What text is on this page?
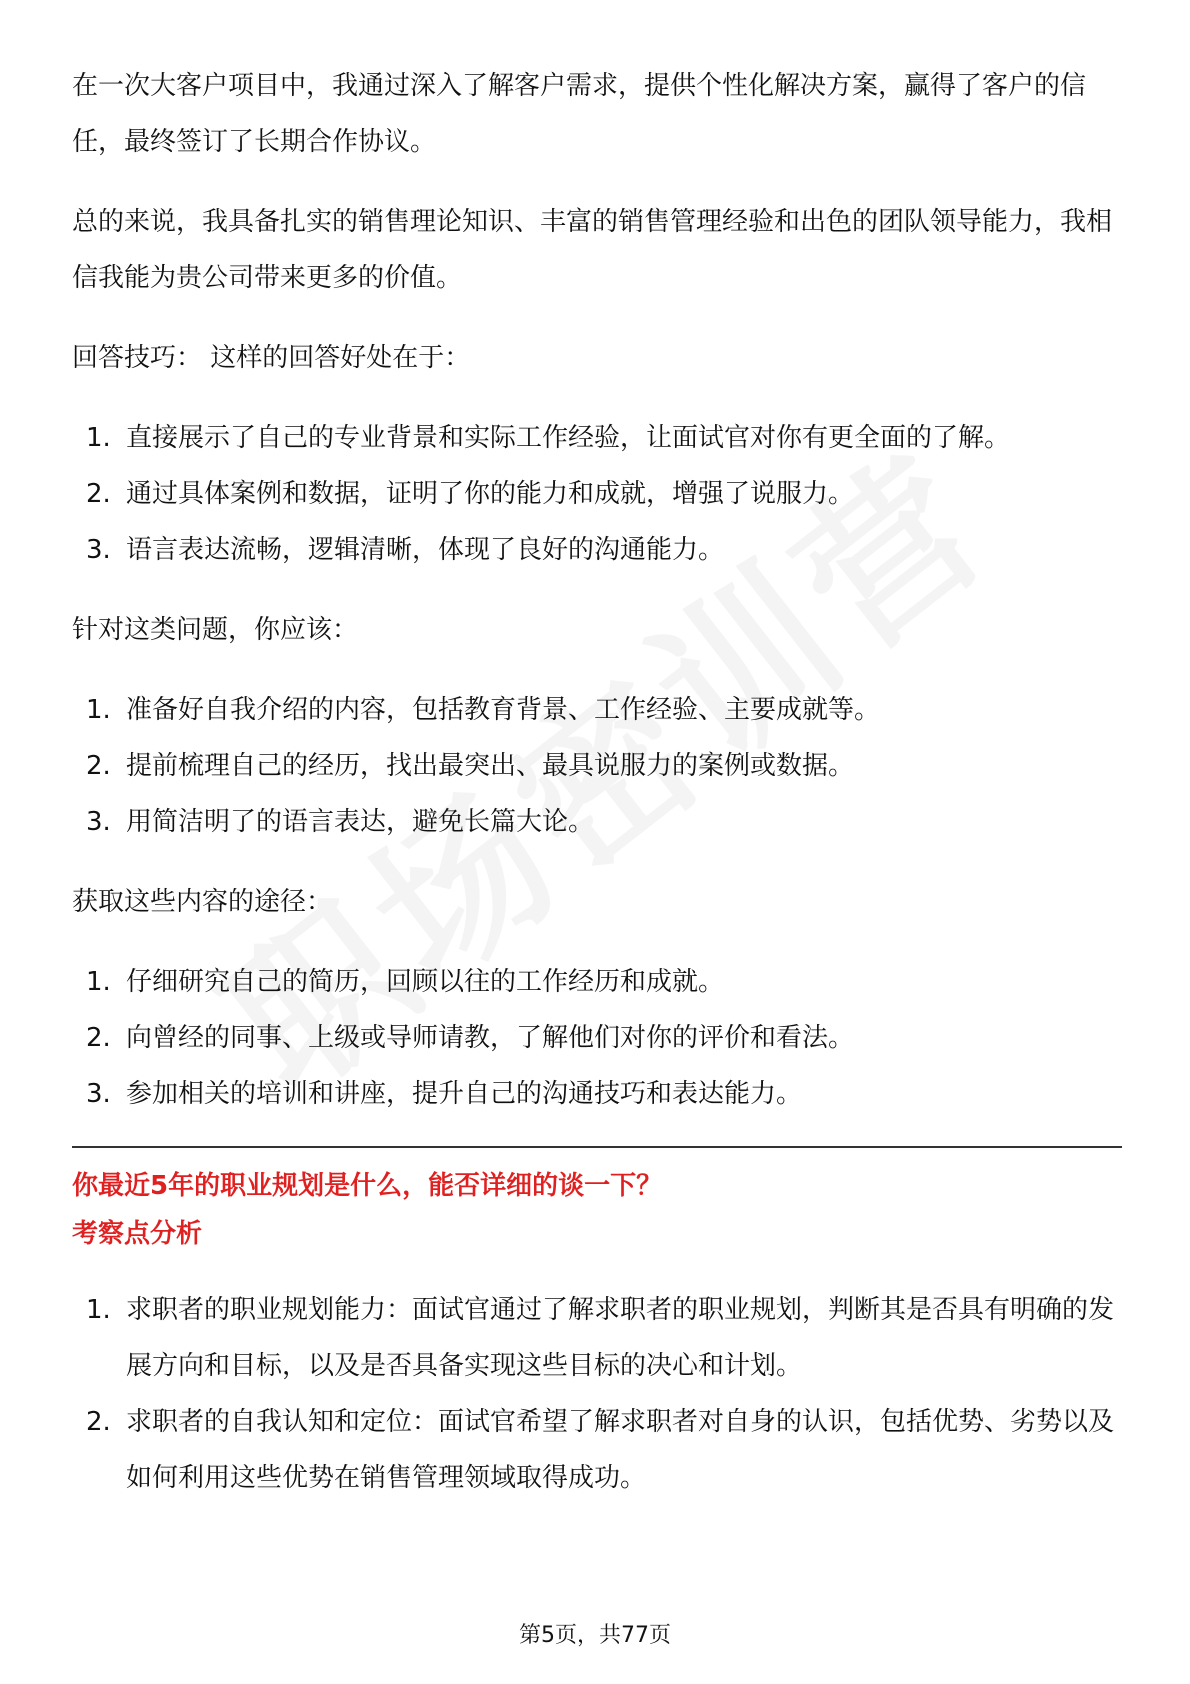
在一次大客户项目中，我通过深入了解客户需求，提供个性化解决方案，赢得了客户的信任，最终签订了长期合作协议。

总的来说，我具备扎实的销售理论知识、丰富的销售管理经验和出色的团队领导能力，我相信我能为贵公司带来更多的价值。

回答技巧： 这样的回答好处在于：

1. 直接展示了自己的专业背景和实际工作经验，让面试官对你有更全面的了解。
2. 通过具体案例和数据，证明了你的能力和成就，增强了说服力。
3. 语言表达流畅，逻辑清晰，体现了良好的沟通能力。

针对这类问题，你应该：

1. 准备好自我介绍的内容，包括教育背景、工作经验、主要成就等。
2. 提前梳理自己的经历，找出最突出、最具说服力的案例或数据。
3. 用简洁明了的语言表达，避免长篇大论。

获取这些内容的途径：

1. 仔细研究自己的简历，回顾以往的工作经历和成就。
2. 向曾经的同事、上级或导师请教，了解他们对你的评价和看法。
3. 参加相关的培训和讲座，提升自己的沟通技巧和表达能力。

你最近5年的职业规划是什么，能否详细的谈一下？

考察点分析

1. 求职者的职业规划能力：面试官通过了解求职者的职业规划，判断其是否具有明确的发展方向和目标，以及是否具备实现这些目标的决心和计划。
2. 求职者的自我认知和定位：面试官希望了解求职者对自身的认识，包括优势、劣势以及如何利用这些优势在销售管理领域取得成功。
第5页，共77页
